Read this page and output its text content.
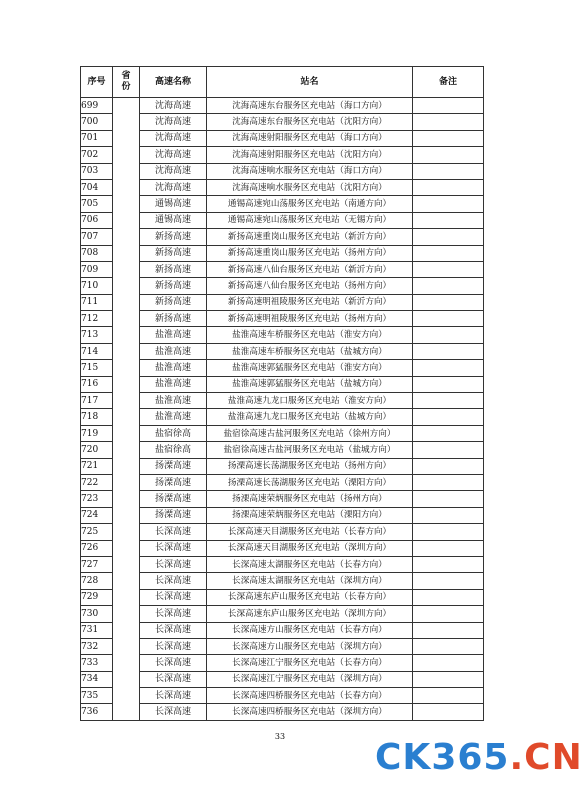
序号	省份	高速名称	站名	备注
699		沈海高速	沈海高速东台服务区充电站（海口方向）	
700		沈海高速	沈海高速东台服务区充电站（沈阳方向）	
701		沈海高速	沈海高速射阳服务区充电站（海口方向）	
702		沈海高速	沈海高速射阳服务区充电站（沈阳方向）	
703		沈海高速	沈海高速响水服务区充电站（海口方向）	
704		沈海高速	沈海高速响水服务区充电站（沈阳方向）	
705		通锡高速	通锡高速宛山荡服务区充电站（南通方向）	
706		通锡高速	通锡高速宛山荡服务区充电站（无锡方向）	
707		新扬高速	新扬高速重岗山服务区充电站（新沂方向）	
708		新扬高速	新扬高速重岗山服务区充电站（扬州方向）	
709		新扬高速	新扬高速八仙台服务区充电站（新沂方向）	
710		新扬高速	新扬高速八仙台服务区充电站（扬州方向）	
711		新扬高速	新扬高速明祖陵服务区充电站（新沂方向）	
712		新扬高速	新扬高速明祖陵服务区充电站（扬州方向）	
713		盐淮高速	盐淮高速车桥服务区充电站（淮安方向）	
714		盐淮高速	盐淮高速车桥服务区充电站（盐城方向）	
715		盐淮高速	盐淮高速郭猛服务区充电站（淮安方向）	
716		盐淮高速	盐淮高速郭猛服务区充电站（盐城方向）	
717		盐淮高速	盐淮高速九龙口服务区充电站（淮安方向）	
718		盐淮高速	盐淮高速九龙口服务区充电站（盐城方向）	
719		盐宿徐高	盐宿徐高速古盐河服务区充电站（徐州方向）	
720		盐宿徐高	盐宿徐高速古盐河服务区充电站（盐城方向）	
721		扬溧高速	扬溧高速长荡湖服务区充电站（扬州方向）	
722		扬溧高速	扬溧高速长荡湖服务区充电站（溧阳方向）	
723		扬溧高速	扬溧高速荣炳服务区充电站（扬州方向）	
724		扬溧高速	扬溧高速荣炳服务区充电站（溧阳方向）	
725		长深高速	长深高速天目湖服务区充电站（长春方向）	
726		长深高速	长深高速天目湖服务区充电站（深圳方向）	
727		长深高速	长深高速太湖服务区充电站（长春方向）	
728		长深高速	长深高速太湖服务区充电站（深圳方向）	
729		长深高速	长深高速东庐山服务区充电站（长春方向）	
730		长深高速	长深高速东庐山服务区充电站（深圳方向）	
731		长深高速	长深高速方山服务区充电站（长春方向）	
732		长深高速	长深高速方山服务区充电站（深圳方向）	
733		长深高速	长深高速江宁服务区充电站（长春方向）	
734		长深高速	长深高速江宁服务区充电站（深圳方向）	
735		长深高速	长深高速四桥服务区充电站（长春方向）	
736		长深高速	长深高速四桥服务区充电站（深圳方向）	
33
CK365.CN
